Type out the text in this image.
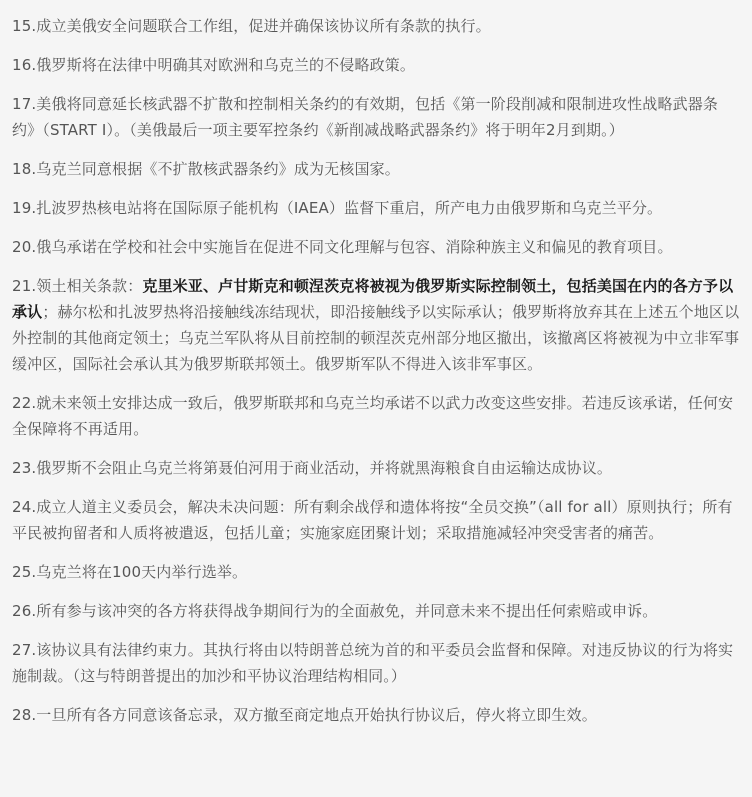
15.成立美俄安全问题联合工作组，促进并确保该协议所有条款的执行。

16.俄罗斯将在法律中明确其对欧洲和乌克兰的不侵略政策。

17.美俄将同意延长核武器不扩散和控制相关条约的有效期，包括《第一阶段削减和限制进攻性战略武器条约》（START I）。（美俄最后一项主要军控条约《新削减战略武器条约》将于明年2月到期。）

18.乌克兰同意根据《不扩散核武器条约》成为无核国家。

19.扎波罗热核电站将在国际原子能机构（IAEA）监督下重启，所产电力由俄罗斯和乌克兰平分。

20.俄乌承诺在学校和社会中实施旨在促进不同文化理解与包容、消除种族主义和偏见的教育项目。

21.领土相关条款：克里米亚、卢甘斯克和顿涅茨克将被视为俄罗斯实际控制领土，包括美国在内的各方予以承认；赫尔松和扎波罗热将沿接触线冻结现状，即沿接触线予以实际承认；俄罗斯将放弃其在上述五个地区以外控制的其他商定领土；乌克兰军队将从目前控制的顿涅茨克州部分地区撤出，该撤离区将被视为中立非军事缓冲区，国际社会承认其为俄罗斯联邦领土。俄罗斯军队不得进入该非军事区。

22.就未来领土安排达成一致后，俄罗斯联邦和乌克兰均承诺不以武力改变这些安排。若违反该承诺，任何安全保障将不再适用。

23.俄罗斯不会阻止乌克兰将第聂伯河用于商业活动，并将就黑海粮食自由运输达成协议。

24.成立人道主义委员会，解决未决问题：所有剩余战俘和遗体将按“全员交换”（all for all）原则执行；所有平民被拘留者和人质将被遣返，包括儿童；实施家庭团聚计划；采取措施减轻冲突受害者的痛苦。

25.乌克兰将在100天内举行选举。

26.所有参与该冲突的各方将获得战争期间行为的全面赦免，并同意未来不提出任何索赔或申诉。

27.该协议具有法律约束力。其执行将由以特朗普总统为首的和平委员会监督和保障。对违反协议的行为将实施制裁。（这与特朗普提出的加沙和平协议治理结构相同。）

28.一旦所有各方同意该备忘录，双方撤至商定地点开始执行协议后，停火将立即生效。
